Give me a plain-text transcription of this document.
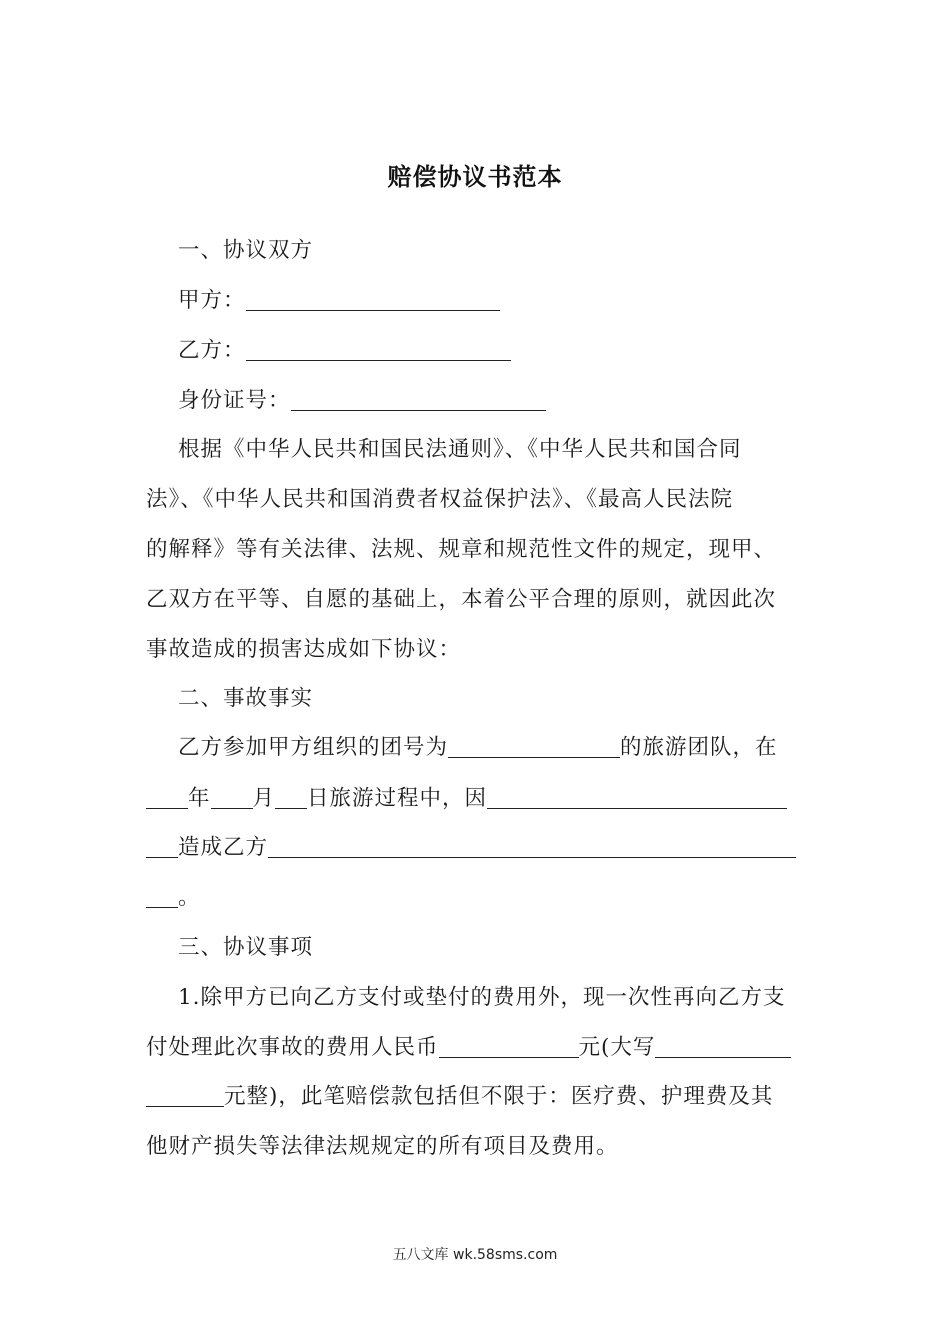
赔偿协议书范本
一、协议双方
甲方：
乙方：
身份证号：
根据《中华人民共和国民法通则》、《中华人民共和国合同
法》、《中华人民共和国消费者权益保护法》、《最高人民法院
的解释》等有关法律、法规、规章和规范性文件的规定，现甲、
乙双方在平等、自愿的基础上，本着公平合理的原则，就因此次
事故造成的损害达成如下协议：
二、事故事实
乙方参加甲方组织的团号为	的旅游团队，在
年 月 日旅游过程中，因
造成乙方
。
三、协议事项
1.除甲方已向乙方支付或垫付的费用外，现一次性再向乙方支
付处理此次事故的费用人民币	元(大写
元整)，此笔赔偿款包括但不限于：医疗费、护理费及其
他财产损失等法律法规规定的所有项目及费用。
五八文库 wk.58sms.com
